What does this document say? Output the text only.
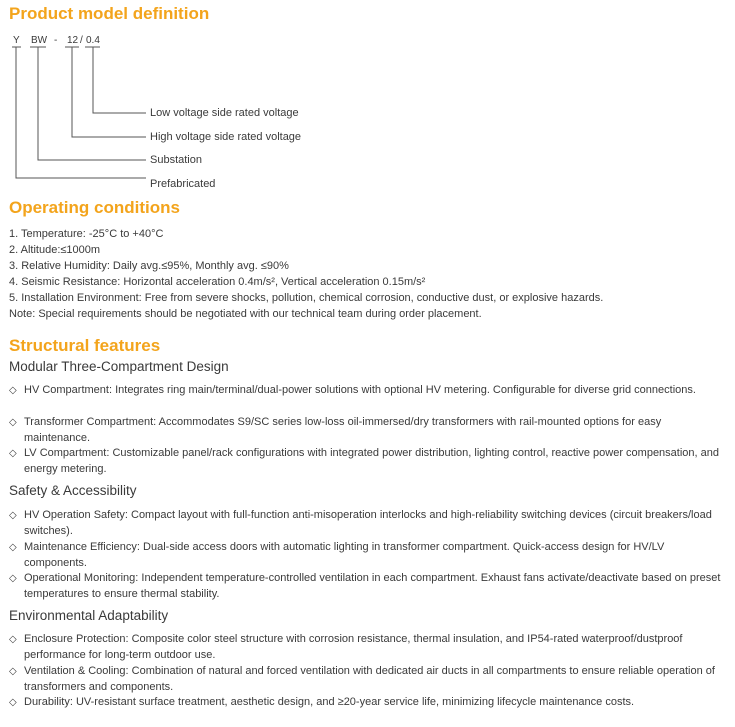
Product model definition
Y BW - 12 / 0.4
Low voltage side rated voltage
High voltage side rated voltage
Substation
Prefabricated
Operating conditions
1. Temperature: -25°C to +40°C
2. Altitude:≤1000m
3. Relative Humidity: Daily avg.≤95%, Monthly avg. ≤90%
4. Seismic Resistance: Horizontal acceleration 0.4m/s², Vertical acceleration 0.15m/s²
5. Installation Environment: Free from severe shocks, pollution, chemical corrosion, conductive dust, or explosive hazards.
Note: Special requirements should be negotiated with our technical team during order placement.
Structural features
Modular Three-Compartment Design
◇ HV Compartment: Integrates ring main/terminal/dual-power solutions with optional HV metering. Configurable for diverse grid connections.
◇ Transformer Compartment: Accommodates S9/SC series low-loss oil-immersed/dry transformers with rail-mounted options for easy maintenance.
◇ LV Compartment: Customizable panel/rack configurations with integrated power distribution, lighting control, reactive power compensation, and energy metering.
Safety & Accessibility
◇ HV Operation Safety: Compact layout with full-function anti-misoperation interlocks and high-reliability switching devices (circuit breakers/load switches).
◇ Maintenance Efficiency: Dual-side access doors with automatic lighting in transformer compartment. Quick-access design for HV/LV components.
◇ Operational Monitoring: Independent temperature-controlled ventilation in each compartment. Exhaust fans activate/deactivate based on preset temperatures to ensure thermal stability.
Environmental Adaptability
◇ Enclosure Protection: Composite color steel structure with corrosion resistance, thermal insulation, and IP54-rated waterproof/dustproof performance for long-term outdoor use.
◇ Ventilation & Cooling: Combination of natural and forced ventilation with dedicated air ducts in all compartments to ensure reliable operation of transformers and components.
◇ Durability: UV-resistant surface treatment, aesthetic design, and ≥20-year service life, minimizing lifecycle maintenance costs.
